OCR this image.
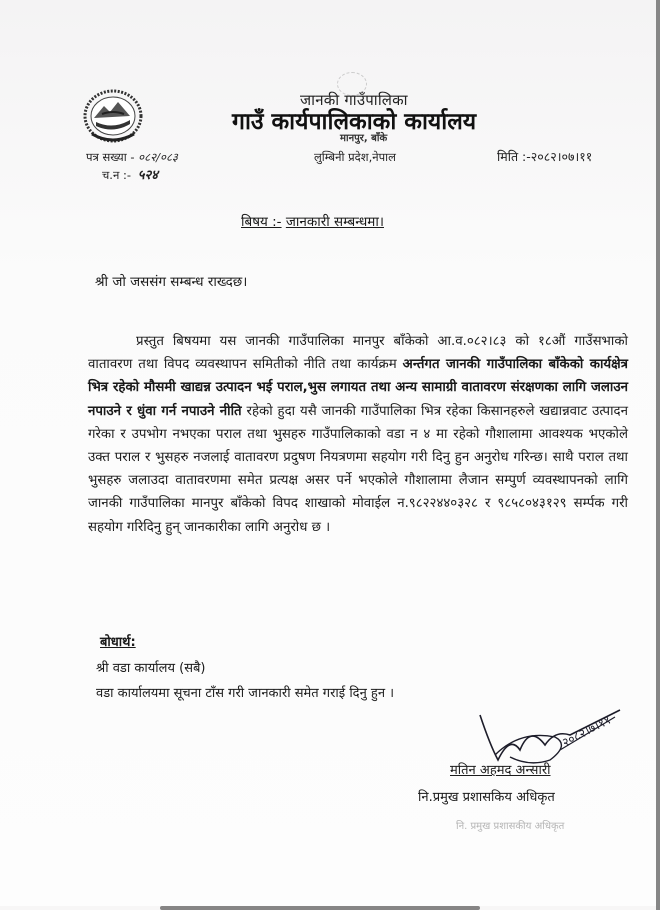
जानकी गाउँपालिका
गाउँ कार्यपालिकाको कार्यालय
मानपुर, बाँके
लुम्बिनी प्रदेश,नेपाल
पत्र सख्या - ०८२/०८३
च.न :- ५२४
मिति :-२०८२।०७।११
बिषय :- जानकारी सम्बन्धमा।
श्री जो जससंग सम्बन्ध राख्दछ।

प्रस्तुत बिषयमा यस जानकी गाउँपालिका मानपुर बाँकेको आ.व.०८२।८३ को १८औं गाउँसभाको वातावरण तथा विपद व्यवस्थापन समितीको नीति तथा कार्यक्रम अर्न्तगत जानकी गाउँपालिका बाँकेको कार्यक्षेत्र भित्र रहेको मौसमी खाद्यन्न उत्पादन भई पराल,भुस लगायत तथा अन्य सामाग्री वातावरण संरक्षणका लागि जलाउन नपाउने र धुंवा गर्न नपाउने नीति रहेको हुदा यसै जानकी गाउँपालिका भित्र रहेका किसानहरुले खद्यान्नवाट उत्पादन गरेका र उपभोग नभएका पराल तथा भुसहरु गाउँपालिकाको वडा न ४ मा रहेको गौशालामा आवश्यक भएकोले उक्त पराल र भुसहरु नजलाई वातावरण प्रदुषण नियत्रणमा सहयोग गरी दिनु हुन अनुरोध गरिन्छ। साथै पराल तथा भुसहरु जलाउदा वातावरणमा समेत प्रत्यक्ष असर पर्ने भएकोले गौशालामा लैजान सम्पुर्ण व्यवस्थापनको लागि जानकी गाउँपालिका मानपुर बाँकेको विपद शाखाको मोवाईल न.९८२२४४०३२८ र ९८५८०४३१२९ सर्म्पक गरी सहयोग गरिदिनु हुन् जानकारीका लागि अनुरोध छ ।

बोधार्थ:
श्री वडा कार्यालय (सबै)
वडा कार्यालयमा सूचना टाँस गरी जानकारी समेत गराई दिनु हुन ।
२०८२।७।११
मतिन अहमद अन्सारी
नि.प्रमुख प्रशासकिय अधिकृत
नि. प्रमुख प्रशासकीय अधिकृत
